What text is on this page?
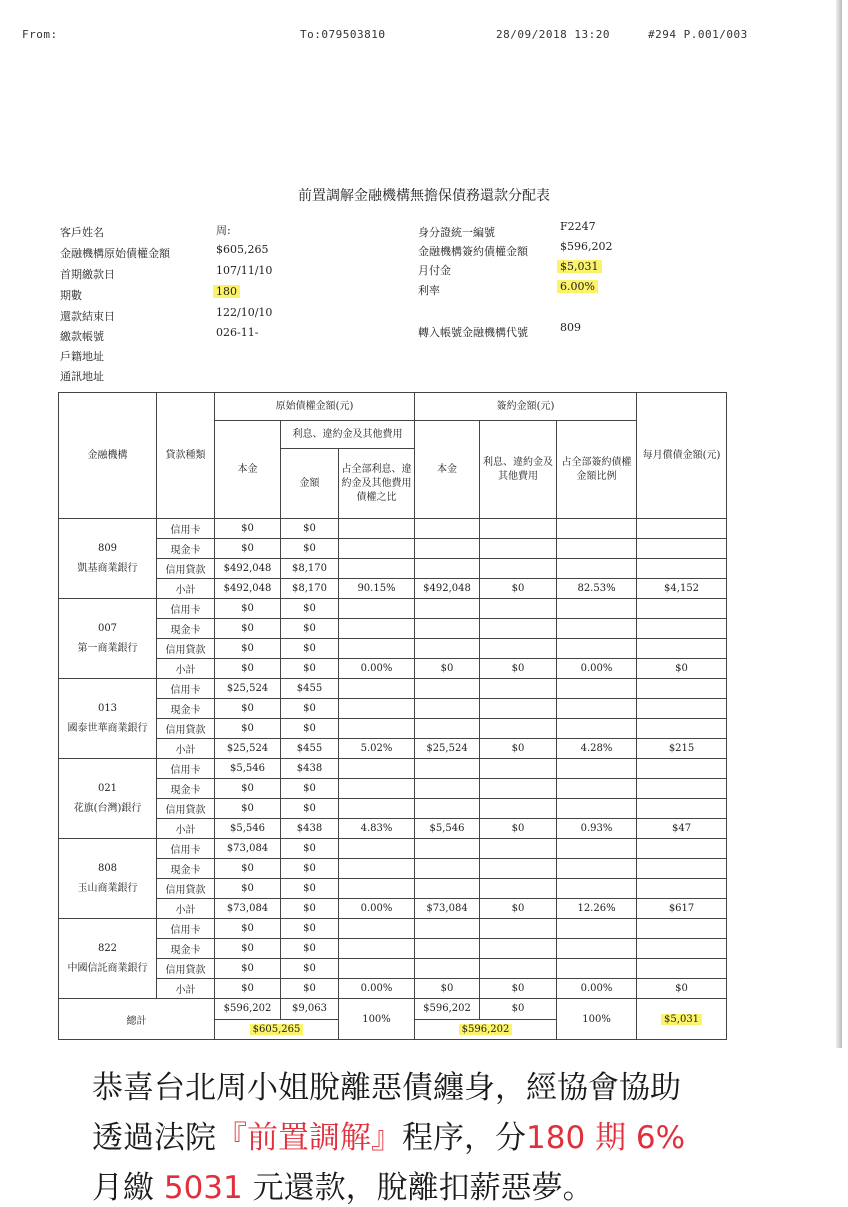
From:	To:07950381Θ	28/09/2018 13:20	#294 P.001/003
前置調解金融機構無擔保債務還款分配表
客戶姓名	周:
金融機構原始債權金額	$605,265
首期繳款日	107/11/10
期數	180
還款結束日	122/10/10
繳款帳號	026-11-
戶籍地址
通訊地址
身分證統一編號	F2247
金融機構簽約債權金額	$596,202
月付金	$5,031
利率	6.00%
轉入帳號金融機構代號	809
金融機構	貸款種類	原始債權金額(元)			簽約金額(元)			每月償債金額(元)
		本金	利息、違約金及其他費用		本金	利息、違約金及其他費用	占全部簽約債權金額比例	
			金額	占全部利息、違約金及其他費用債權之比				

809
凱基商業銀行	信用卡	$0	$0					
	現金卡	$0	$0					
	信用貸款	$492,048	$8,170					
	小計	$492,048	$8,170	90.15%	$492,048	$0	82.53%	$4,152

007
第一商業銀行	信用卡	$0	$0					
	現金卡	$0	$0					
	信用貸款	$0	$0					
	小計	$0	$0	0.00%	$0	$0	0.00%	$0

013
國泰世華商業銀行	信用卡	$25,524	$455					
	現金卡	$0	$0					
	信用貸款	$0	$0					
	小計	$25,524	$455	5.02%	$25,524	$0	4.28%	$215

021
花旗(台灣)銀行	信用卡	$5,546	$438					
	現金卡	$0	$0					
	信用貸款	$0	$0					
	小計	$5,546	$438	4.83%	$5,546	$0	0.93%	$47

808
玉山商業銀行	信用卡	$73,084	$0					
	現金卡	$0	$0					
	信用貸款	$0	$0					
	小計	$73,084	$0	0.00%	$73,084	$0	12.26%	$617

822
中國信託商業銀行	信用卡	$0	$0					
	現金卡	$0	$0					
	信用貸款	$0	$0					
	小計	$0	$0	0.00%	$0	$0	0.00%	$0
總計		$596,202	$9,063	100%	$596,202	$0	100%	$5,031
		$605,265			$596,202			

恭喜台北周小姐脫離惡債纏身，經協會協助

透過法院『前置調解』程序，分180 期 6%

月繳 5031 元還款，脫離扣薪惡夢。
